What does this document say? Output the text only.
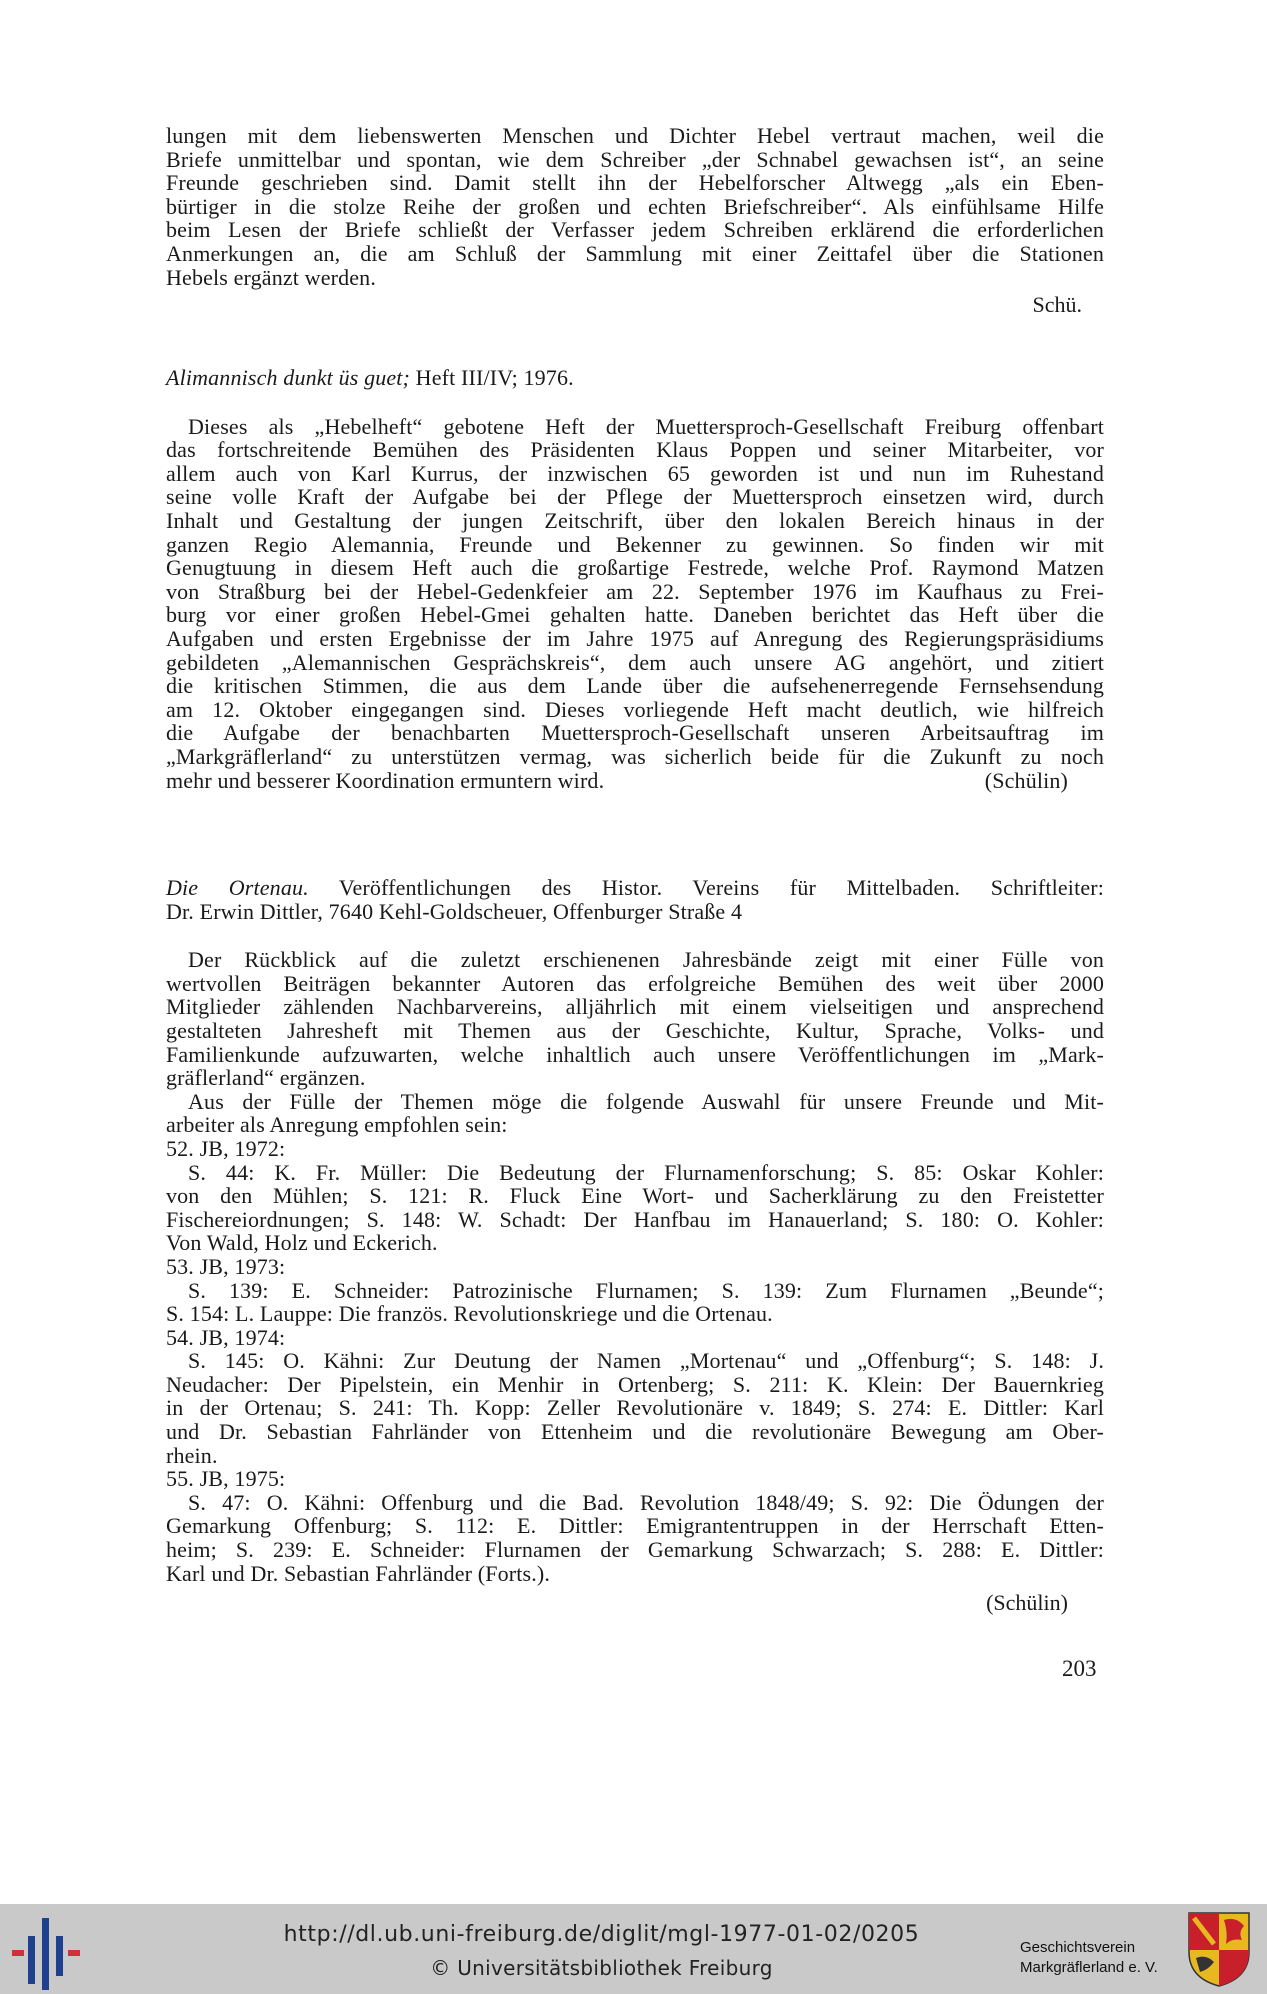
lungen mit dem liebenswerten Menschen und Dichter Hebel vertraut machen, weil die
Briefe unmittelbar und spontan, wie dem Schreiber „der Schnabel gewachsen ist“, an seine
Freunde geschrieben sind. Damit stellt ihn der Hebelforscher Altwegg „als ein Eben-
bürtiger in die stolze Reihe der großen und echten Briefschreiber“. Als einfühlsame Hilfe
beim Lesen der Briefe schließt der Verfasser jedem Schreiben erklärend die erforderlichen
Anmerkungen an, die am Schluß der Sammlung mit einer Zeittafel über die Stationen
Hebels ergänzt werden.

Schü.

Alimannisch dunkt üs guet; Heft III/IV; 1976.

Dieses als „Hebelheft“ gebotene Heft der Muettersproch-Gesellschaft Freiburg offenbart
das fortschreitende Bemühen des Präsidenten Klaus Poppen und seiner Mitarbeiter, vor
allem auch von Karl Kurrus, der inzwischen 65 geworden ist und nun im Ruhestand
seine volle Kraft der Aufgabe bei der Pflege der Muettersproch einsetzen wird, durch
Inhalt und Gestaltung der jungen Zeitschrift, über den lokalen Bereich hinaus in der
ganzen Regio Alemannia, Freunde und Bekenner zu gewinnen. So finden wir mit
Genugtuung in diesem Heft auch die großartige Festrede, welche Prof. Raymond Matzen
von Straßburg bei der Hebel-Gedenkfeier am 22. September 1976 im Kaufhaus zu Frei-
burg vor einer großen Hebel-Gmei gehalten hatte. Daneben berichtet das Heft über die
Aufgaben und ersten Ergebnisse der im Jahre 1975 auf Anregung des Regierungspräsidiums
gebildeten „Alemannischen Gesprächskreis“, dem auch unsere AG angehört, und zitiert
die kritischen Stimmen, die aus dem Lande über die aufsehenerregende Fernsehsendung
am 12. Oktober eingegangen sind. Dieses vorliegende Heft macht deutlich, wie hilfreich
die Aufgabe der benachbarten Muettersproch-Gesellschaft unseren Arbeitsauftrag im
„Markgräflerland“ zu unterstützen vermag, was sicherlich beide für die Zukunft zu noch
mehr und besserer Koordination ermuntern wird.	(Schülin)
Die Ortenau. Veröffentlichungen des Histor. Vereins für Mittelbaden. Schriftleiter:
Dr. Erwin Dittler, 7640 Kehl-Goldscheuer, Offenburger Straße 4
Der Rückblick auf die zuletzt erschienenen Jahresbände zeigt mit einer Fülle von
wertvollen Beiträgen bekannter Autoren das erfolgreiche Bemühen des weit über 2000
Mitglieder zählenden Nachbarvereins, alljährlich mit einem vielseitigen und ansprechend
gestalteten Jahresheft mit Themen aus der Geschichte, Kultur, Sprache, Volks- und
Familienkunde aufzuwarten, welche inhaltlich auch unsere Veröffentlichungen im „Mark-
gräflerland“ ergänzen.
Aus der Fülle der Themen möge die folgende Auswahl für unsere Freunde und Mit-
arbeiter als Anregung empfohlen sein:
52. JB, 1972:
S. 44: K. Fr. Müller: Die Bedeutung der Flurnamenforschung; S. 85: Oskar Kohler:
von den Mühlen; S. 121: R. Fluck Eine Wort- und Sacherklärung zu den Freistetter
Fischereiordnungen; S. 148: W. Schadt: Der Hanfbau im Hanauerland; S. 180: O. Kohler:
Von Wald, Holz und Eckerich.
53. JB, 1973:
S. 139: E. Schneider: Patrozinische Flurnamen; S. 139: Zum Flurnamen „Beunde“;
S. 154: L. Lauppe: Die französ. Revolutionskriege und die Ortenau.
54. JB, 1974:
S. 145: O. Kähni: Zur Deutung der Namen „Mortenau“ und „Offenburg“; S. 148: J.
Neudacher: Der Pipelstein, ein Menhir in Ortenberg; S. 211: K. Klein: Der Bauernkrieg
in der Ortenau; S. 241: Th. Kopp: Zeller Revolutionäre v. 1849; S. 274: E. Dittler: Karl
und Dr. Sebastian Fahrländer von Ettenheim und die revolutionäre Bewegung am Ober-
rhein.
55. JB, 1975:
S. 47: O. Kähni: Offenburg und die Bad. Revolution 1848/49; S. 92: Die Ödungen der
Gemarkung Offenburg; S. 112: E. Dittler: Emigrantentruppen in der Herrschaft Etten-
heim; S. 239: E. Schneider: Flurnamen der Gemarkung Schwarzach; S. 288: E. Dittler:
Karl und Dr. Sebastian Fahrländer (Forts.).

(Schülin)

203
http://dl.ub.uni-freiburg.de/diglit/mgl-1977-01-02/0205
© Universitätsbibliothek Freiburg
Geschichtsverein
Markgräflerland e. V.
